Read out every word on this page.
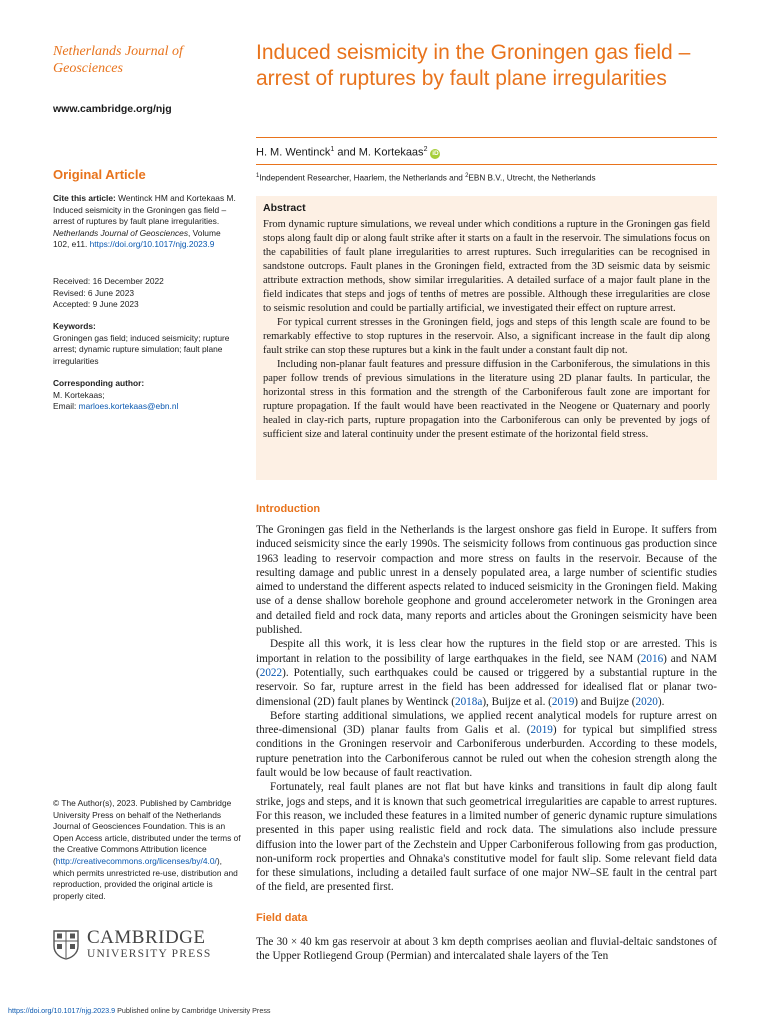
Netherlands Journal of Geosciences
www.cambridge.org/njg
Original Article
Cite this article: Wentinck HM and Kortekaas M. Induced seismicity in the Groningen gas field – arrest of ruptures by fault plane irregularities. Netherlands Journal of Geosciences, Volume 102, e11. https://doi.org/10.1017/njg.2023.9
Received: 16 December 2022
Revised: 6 June 2023
Accepted: 9 June 2023
Keywords:
Groningen gas field; induced seismicity; rupture arrest; dynamic rupture simulation; fault plane irregularities
Corresponding author:
M. Kortekaas;
Email: marloes.kortekaas@ebn.nl
© The Author(s), 2023. Published by Cambridge University Press on behalf of the Netherlands Journal of Geosciences Foundation. This is an Open Access article, distributed under the terms of the Creative Commons Attribution licence (http://creativecommons.org/licenses/by/4.0/), which permits unrestricted re-use, distribution and reproduction, provided the original article is properly cited.
CAMBRIDGE
UNIVERSITY PRESS
Induced seismicity in the Groningen gas field – arrest of ruptures by fault plane irregularities
H. M. Wentinck$^1$ and M. Kortekaas$^2$iD
$^1$Independent Researcher, Haarlem, the Netherlands and $^2$EBN B.V., Utrecht, the Netherlands
Abstract

From dynamic rupture simulations, we reveal under which conditions a rupture in the Groningen gas field stops along fault dip or along fault strike after it starts on a fault in the reservoir. The simulations focus on the capabilities of fault plane irregularities to arrest ruptures. Such irregularities can be recognised in sandstone outcrops. Fault planes in the Groningen field, extracted from the 3D seismic data by seismic attribute extraction methods, show similar irregularities. A detailed surface of a major fault plane in the field indicates that steps and jogs of tenths of metres are possible. Although these irregularities are close to seismic resolution and could be partially artificial, we investigated their effect on rupture arrest.

For typical current stresses in the Groningen field, jogs and steps of this length scale are found to be remarkably effective to stop ruptures in the reservoir. Also, a significant increase in the fault dip along fault strike can stop these ruptures but a kink in the fault under a constant fault dip not.

Including non-planar fault features and pressure diffusion in the Carboniferous, the simulations in this paper follow trends of previous simulations in the literature using 2D planar faults. In particular, the horizontal stress in this formation and the strength of the Carboniferous fault zone are important for rupture propagation. If the fault would have been reactivated in the Neogene or Quaternary and poorly healed in clay-rich parts, rupture propagation into the Carboniferous can only be prevented by jogs of sufficient size and lateral continuity under the present estimate of the horizontal field stress.

Introduction

The Groningen gas field in the Netherlands is the largest onshore gas field in Europe. It suffers from induced seismicity since the early 1990s. The seismicity follows from continuous gas production since 1963 leading to reservoir compaction and more stress on faults in the reservoir. Because of the resulting damage and public unrest in a densely populated area, a large number of scientific studies aimed to understand the different aspects related to induced seismicity in the Groningen field. Making use of a dense shallow borehole geophone and ground accelerometer network in the Groningen area and detailed field and rock data, many reports and articles about the Groningen seismicity have been published.

Despite all this work, it is less clear how the ruptures in the field stop or are arrested. This is important in relation to the possibility of large earthquakes in the field, see NAM (2016) and NAM (2022). Potentially, such earthquakes could be caused or triggered by a substantial rupture in the reservoir. So far, rupture arrest in the field has been addressed for idealised flat or planar two-dimensional (2D) fault planes by Wentinck (2018a), Buijze et al. (2019) and Buijze (2020).

Before starting additional simulations, we applied recent analytical models for rupture arrest on three-dimensional (3D) planar faults from Galis et al. (2019) for typical but simplified stress conditions in the Groningen reservoir and Carboniferous underburden. According to these models, rupture penetration into the Carboniferous cannot be ruled out when the cohesion strength along the fault would be low because of fault reactivation.

Fortunately, real fault planes are not flat but have kinks and transitions in fault dip along fault strike, jogs and steps, and it is known that such geometrical irregularities are capable to arrest ruptures. For this reason, we included these features in a limited number of generic dynamic rupture simulations presented in this paper using realistic field and rock data. The simulations also include pressure diffusion into the lower part of the Zechstein and Upper Carboniferous following from gas production, non-uniform rock properties and Ohnaka's constitutive model for fault slip. Some relevant field data for these simulations, including a detailed fault surface of one major NW–SE fault in the central part of the field, are presented first.

Field data

The 30 × 40 km gas reservoir at about 3 km depth comprises aeolian and fluvial-deltaic sandstones of the Upper Rotliegend Group (Permian) and intercalated shale layers of the Ten

https://doi.org/10.1017/njg.2023.9 Published online by Cambridge University Press
